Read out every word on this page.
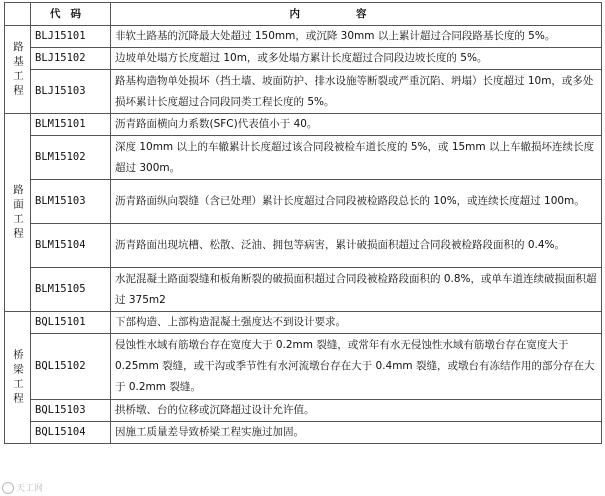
	代码	内容
路基工程	BLJ15101	非软土路基的沉降最大处超过 150mm，或沉降 30mm 以上累计超过合同段路基长度的 5%。

	BLJ15102	边坡单处塌方长度超过 10m，或多处塌方累计长度超过合同段边坡长度的 5%。

	BLJ15103	路基构造物单处损坏（挡土墙、坡面防护、排水设施等断裂或严重沉陷、坍塌）长度超过 10m，或多处损坏累计长度超过合同段同类工程长度的 5%。

路面工程	BLM15101	沥青路面横向力系数(SFC)代表值小于 40。

	BLM15102	深度 10mm 以上的车辙累计长度超过该合同段被检车道长度的 5%，或 15mm 以上车辙损坏连续长度超过 300m。

	BLM15103	沥青路面纵向裂缝（含已处理）累计长度超过合同段被检路段总长的 10%，或连续长度超过 100m。

	BLM15104	沥青路面出现坑槽、松散、泛油、拥包等病害，累计破损面积超过合同段被检路段面积的 0.4%。

	BLM15105	水泥混凝土路面裂缝和板角断裂的破损面积超过合同段被检路段面积的 0.8%，或单车道连续破损面积超过 375m2

桥梁工程	BQL15101	下部构造、上部构造混凝土强度达不到设计要求。

	BQL15102	侵蚀性水域有筋墩台存在宽度大于 0.2mm 裂缝，或常年有水无侵蚀性水域有筋墩台存在宽度大于 0.25mm 裂缝，或干沟或季节性有水河流墩台存在大于 0.4mm 裂缝，或墩台有冻结作用的部分存在大于 0.2mm 裂缝。

	BQL15103	拱桥墩、台的位移或沉降超过设计允许值。

	BQL15104	因施工质量差导致桥梁工程实施过加固。
天工网
